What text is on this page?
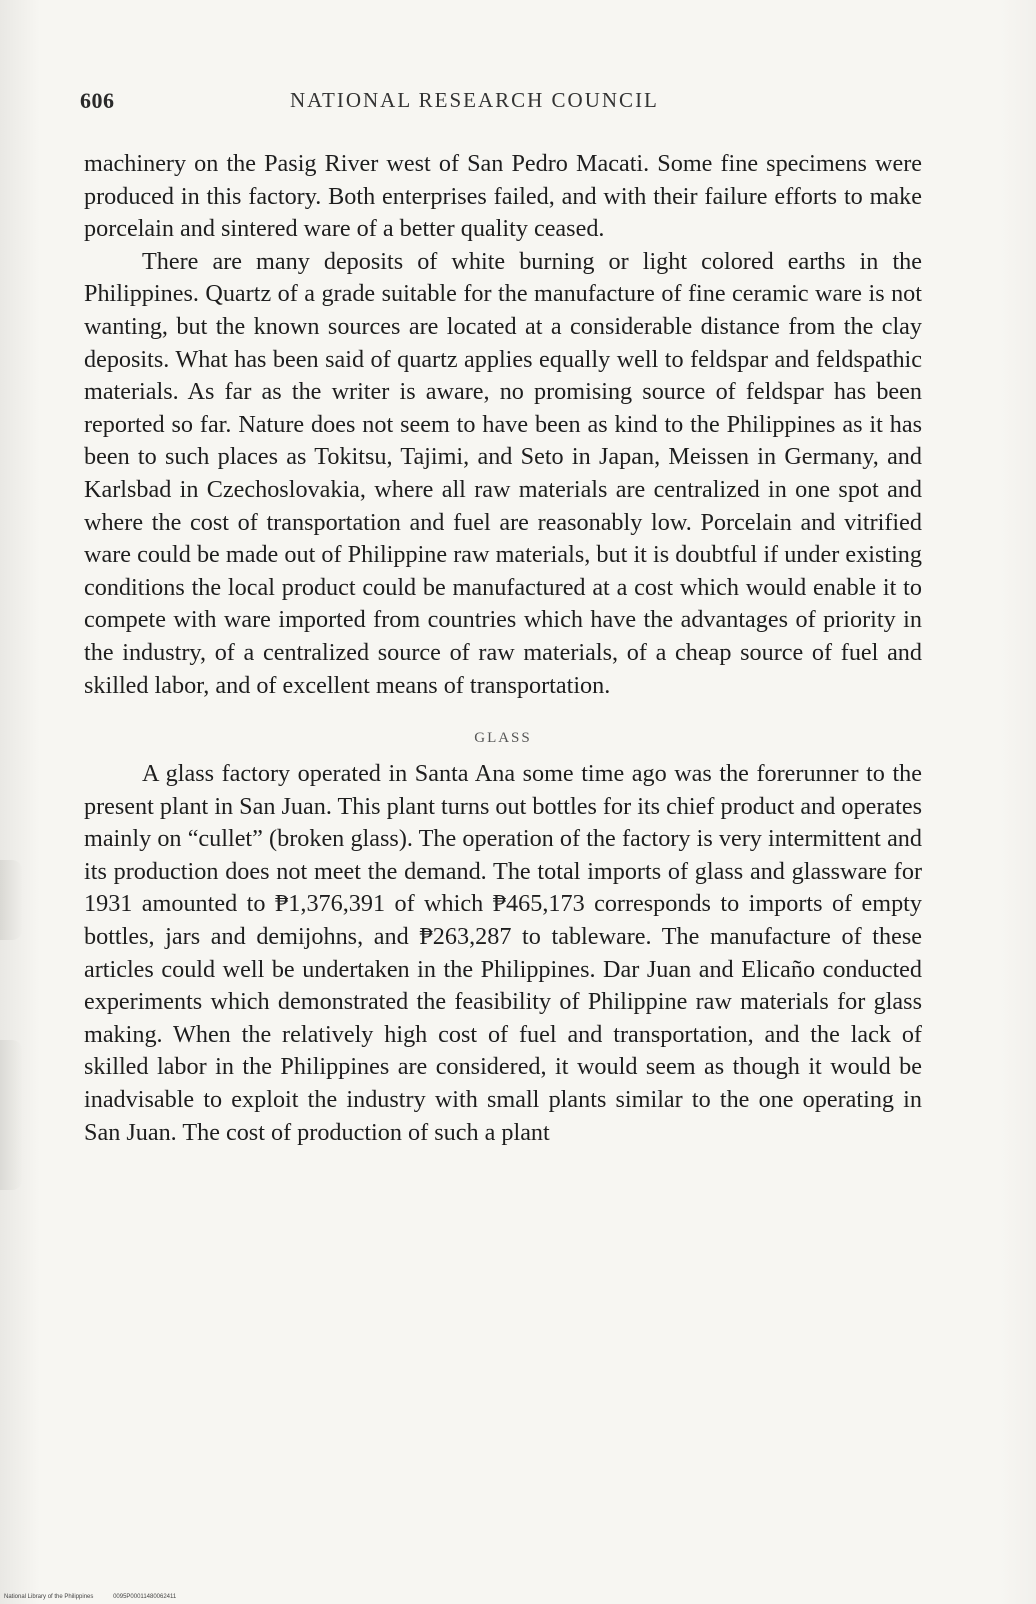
606	NATIONAL RESEARCH COUNCIL

machinery on the Pasig River west of San Pedro Macati. Some fine specimens were produced in this factory. Both enterprises failed, and with their failure efforts to make porcelain and sintered ware of a better quality ceased.

There are many deposits of white burning or light colored earths in the Philippines. Quartz of a grade suitable for the manufacture of fine ceramic ware is not wanting, but the known sources are located at a considerable distance from the clay deposits. What has been said of quartz applies equally well to feldspar and feldspathic materials. As far as the writer is aware, no promising source of feldspar has been reported so far. Nature does not seem to have been as kind to the Philippines as it has been to such places as Tokitsu, Tajimi, and Seto in Japan, Meissen in Germany, and Karlsbad in Czechoslovakia, where all raw materials are centralized in one spot and where the cost of transportation and fuel are reasonably low. Porcelain and vitrified ware could be made out of Philippine raw materials, but it is doubtful if under existing conditions the local product could be manufactured at a cost which would enable it to compete with ware imported from countries which have the advantages of priority in the industry, of a centralized source of raw materials, of a cheap source of fuel and skilled labor, and of excellent means of transportation.

GLASS

A glass factory operated in Santa Ana some time ago was the forerunner to the present plant in San Juan. This plant turns out bottles for its chief product and operates mainly on “cullet” (broken glass). The operation of the factory is very intermittent and its production does not meet the demand. The total imports of glass and glassware for 1931 amounted to ₱1,376,391 of which ₱465,173 corresponds to imports of empty bottles, jars and demijohns, and ₱263,287 to tableware. The manufacture of these articles could well be undertaken in the Philippines. Dar Juan and Elicaño conducted experiments which demonstrated the feasibility of Philippine raw materials for glass making. When the relatively high cost of fuel and transportation, and the lack of skilled labor in the Philippines are considered, it would seem as though it would be inadvisable to exploit the industry with small plants similar to the one operating in San Juan. The cost of production of such a plant

National Library of the Philippines	0095P00011480062411
